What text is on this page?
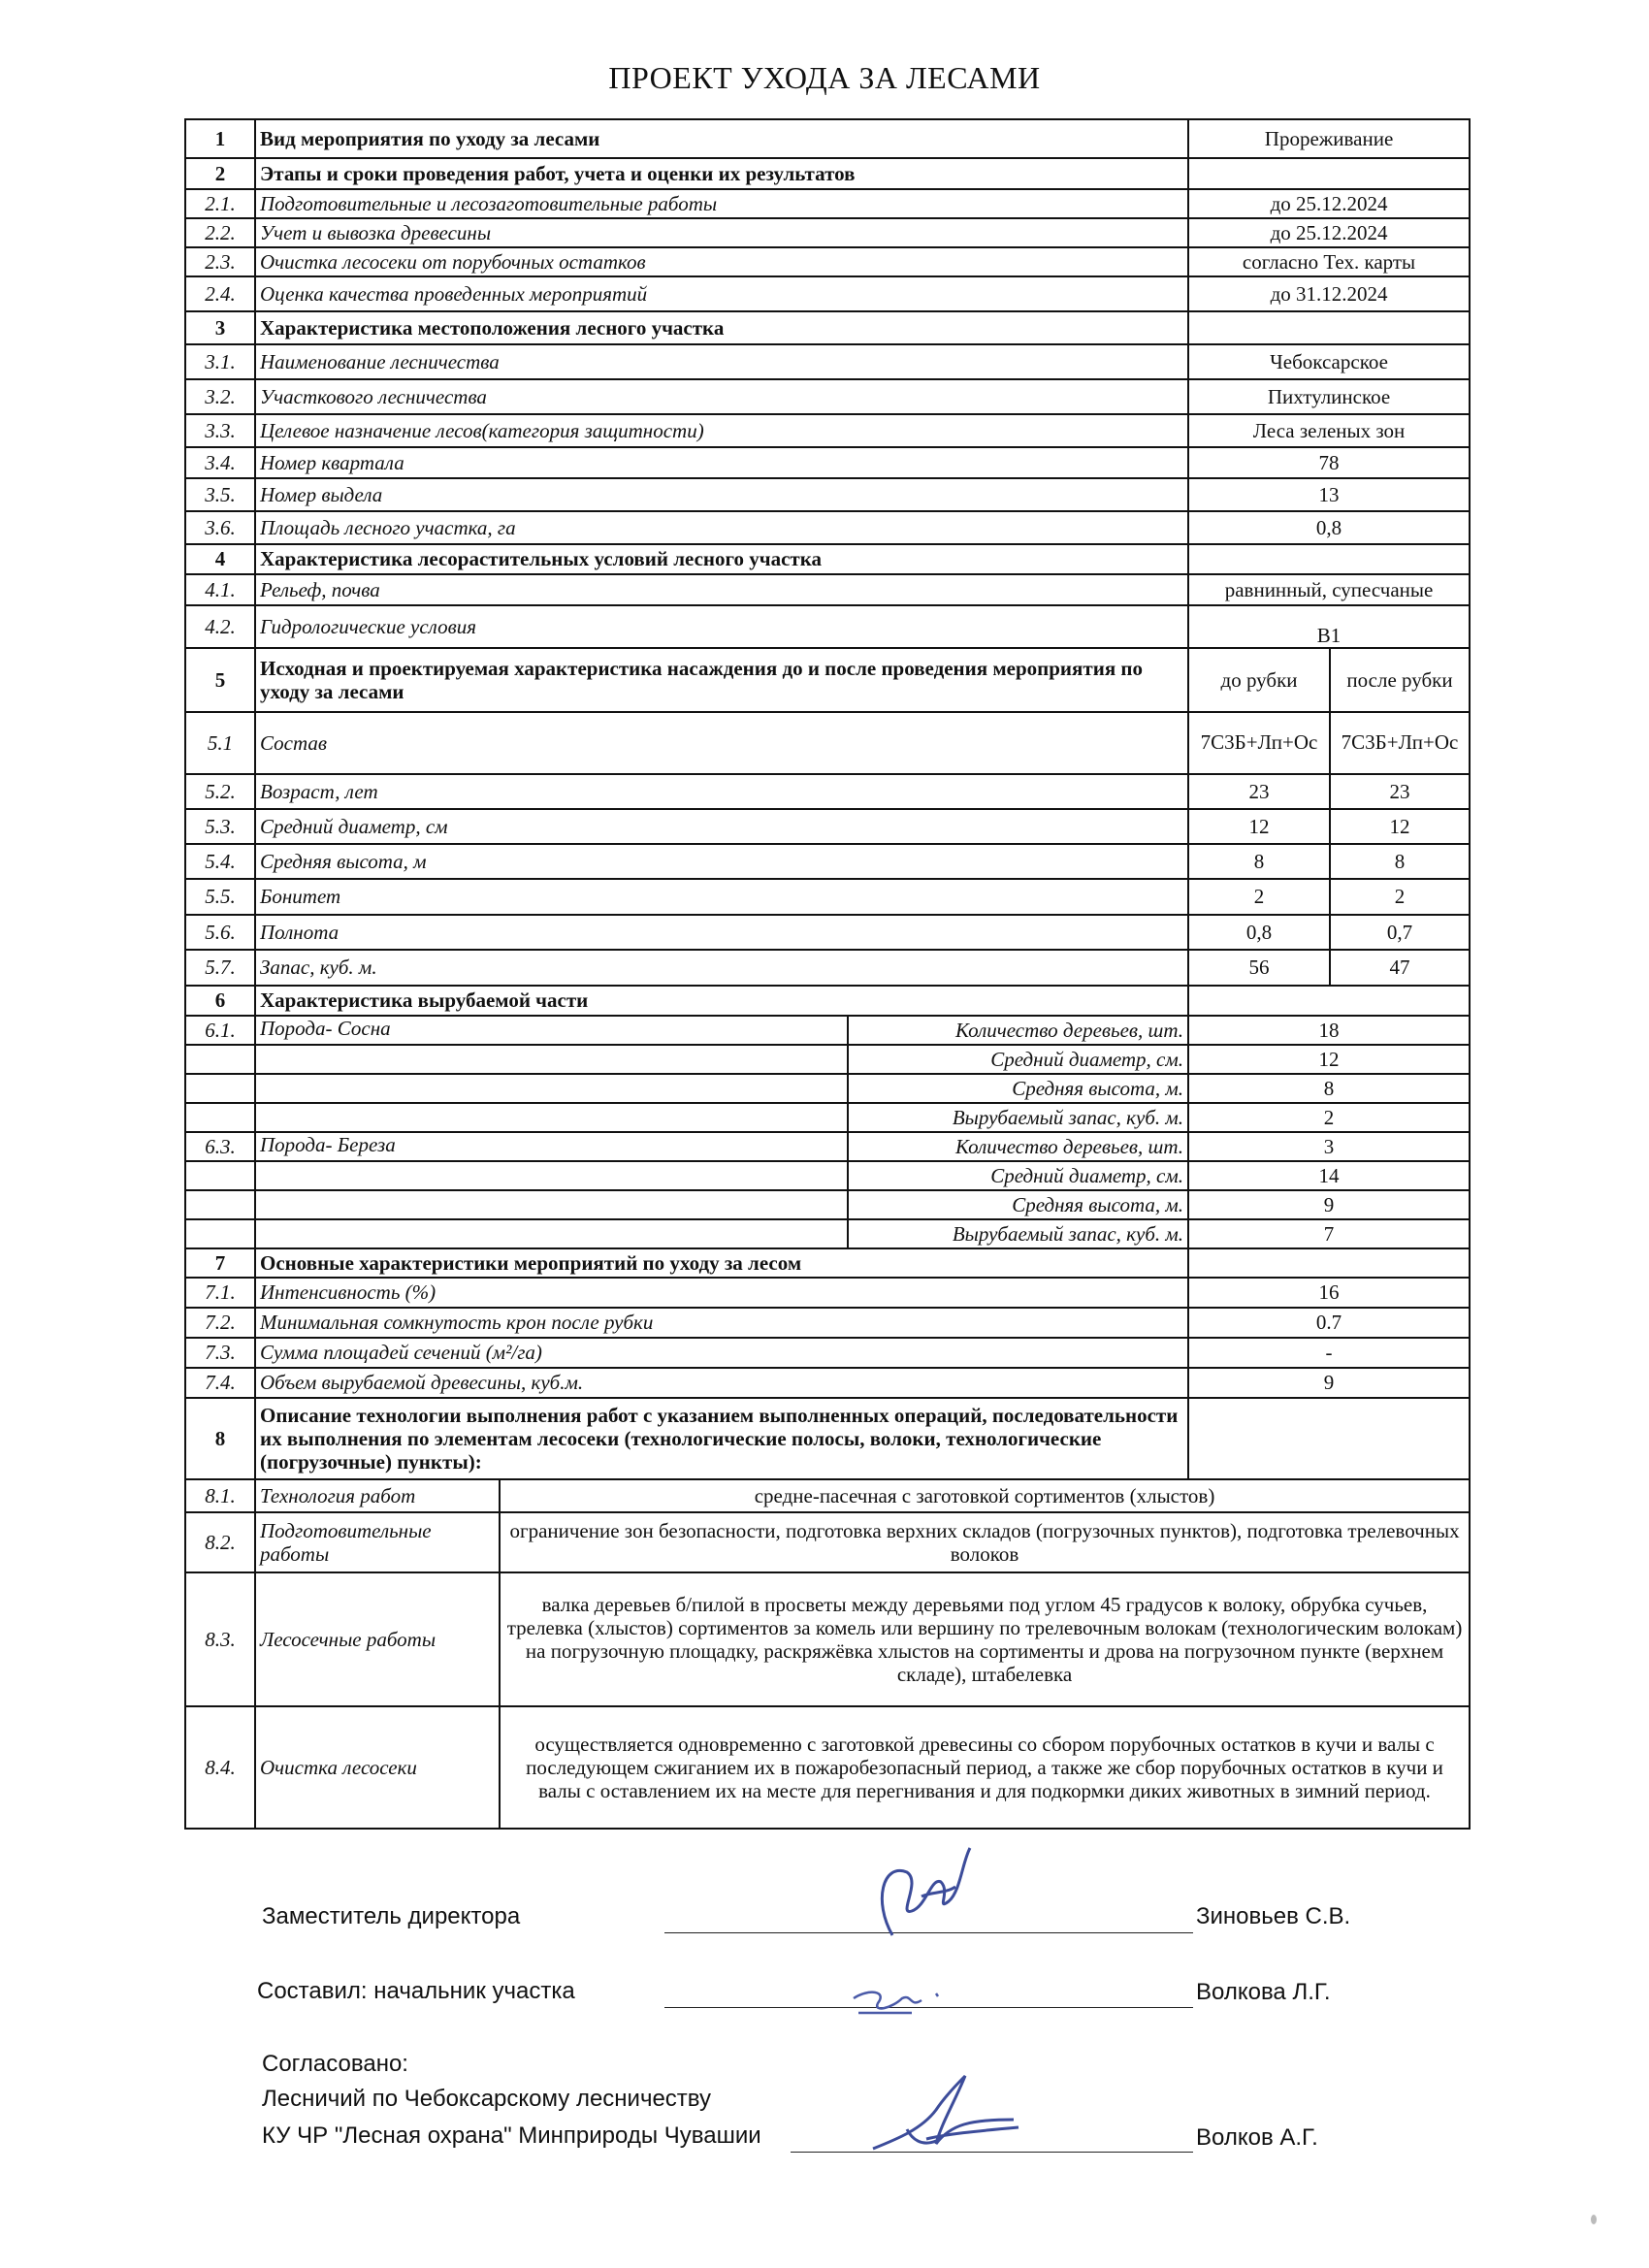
ПРОЕКТ УХОДА ЗА ЛЕСАМИ
1	Вид мероприятия по уходу за лесами			Прореживание	
2	Этапы и сроки проведения работ, учета и оценки их результатов				
2.1.	Подготовительные и лесозаготовительные работы			до 25.12.2024	
2.2.	Учет и вывозка древесины			до 25.12.2024	
2.3.	Очистка лесосеки от порубочных остатков			согласно Тех. карты	
2.4.	Оценка качества проведенных мероприятий			до 31.12.2024	
3	Характеристика местоположения лесного участка				
3.1.	Наименование лесничества			Чебоксарское	
3.2.	Участкового лесничества			Пихтулинское	
3.3.	Целевое назначение лесов(категория защитности)			Леса зеленых зон	
3.4.	Номер квартала			78	
3.5.	Номер выдела			13	
3.6.	Площадь лесного участка, га			0,8	
4	Характеристика лесорастительных условий лесного участка				
4.1.	Рельеф, почва			равнинный, супесчаные	
4.2.	Гидрологические условия			В1	
5	Исходная и проектируемая характеристика насаждения до и после проведения мероприятия по уходу за лесами			до рубки	после рубки
5.1	Состав			7С3Б+Лп+Ос	7С3Б+Лп+Ос
5.2.	Возраст, лет			23	23
5.3.	Средний диаметр, см			12	12
5.4.	Средняя высота, м			8	8
5.5.	Бонитет			2	2
5.6.	Полнота			0,8	0,7
5.7.	Запас, куб. м.			56	47
6	Характеристика вырубаемой части				
6.1.	Порода- Сосна		Количество деревьев, шт.	18	
			Средний диаметр, см.	12	
			Средняя высота, м.	8	
			Вырубаемый запас, куб. м.	2	
6.3.	Порода- Береза		Количество деревьев, шт.	3	
			Средний диаметр, см.	14	
			Средняя высота, м.	9	
			Вырубаемый запас, куб. м.	7	
7	Основные характеристики мероприятий по уходу за лесом				
7.1.	Интенсивность (%)			16	
7.2.	Минимальная сомкнутость крон после рубки			0.7	
7.3.	Сумма площадей сечений (м²/га)			-	
7.4.	Объем вырубаемой древесины, куб.м.			9	
8	Описание технологии выполнения работ с указанием выполненных операций, последовательности их выполнения по элементам лесосеки (технологические полосы, волоки, технологические (погрузочные) пункты):				
8.1.	Технология работ	средне-пасечная с заготовкой сортиментов (хлыстов)			
8.2.	Подготовительные работы	ограничение зон безопасности, подготовка верхних складов (погрузочных пунктов), подготовка трелевочных волоков			
8.3.	Лесосечные работы	валка деревьев б/пилой в просветы между деревьями под углом 45 градусов к волоку, обрубка сучьев, трелевка (хлыстов) сортиментов за комель или вершину по трелевочным волокам (технологическим волокам) на погрузочную площадку, раскряжёвка хлыстов на сортименты и дрова на погрузочном пункте (верхнем складе), штабелевка			
8.4.	Очистка лесосеки	осуществляется одновременно с заготовкой древесины со сбором порубочных остатков в кучи и валы с последующем сжиганием их в пожаробезопасный период, а также же сбор порубочных остатков в кучи и валы с оставлением их на месте для перегнивания и для подкормки диких животных в зимний период.			
Заместитель директора	Зиновьев С.В.
Составил: начальник участка	Волкова Л.Г.
Согласовано:
Лесничий по Чебоксарскому лесничеству
КУ ЧР "Лесная охрана" Минприроды Чувашии	Волков А.Г.
